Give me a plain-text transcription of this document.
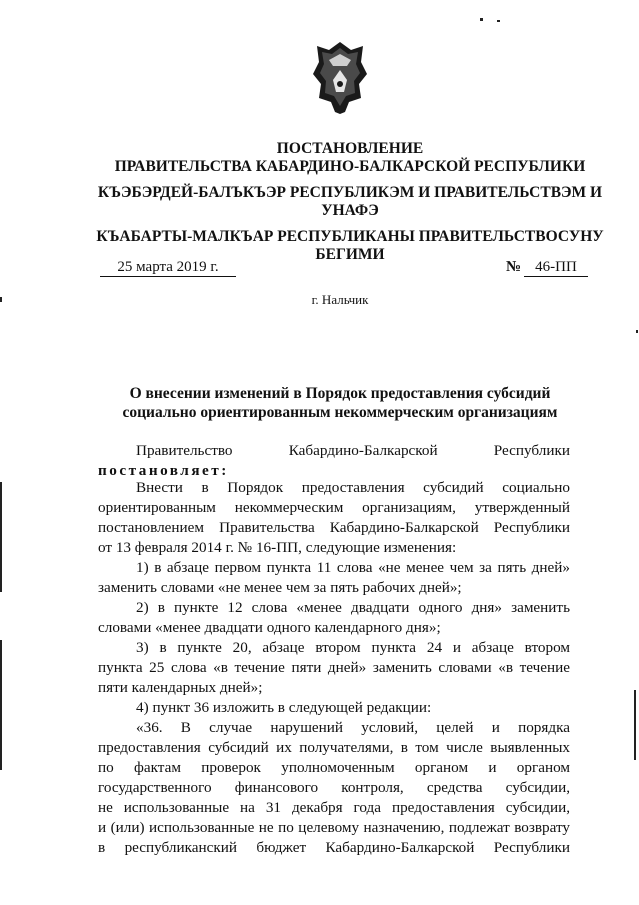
ПОСТАНОВЛЕНИЕ
ПРАВИТЕЛЬСТВА КАБАРДИНО-БАЛКАРСКОЙ РЕСПУБЛИКИ
КЪЭБЭРДЕЙ-БАЛЪКЪЭР РЕСПУБЛИКЭМ И ПРАВИТЕЛЬСТВЭМ И
УНАФЭ
КЪАБАРТЫ-МАЛКЪАР РЕСПУБЛИКАНЫ ПРАВИТЕЛЬСТВОСУНУ
БЕГИМИ
25 марта 2019 г.	№ 46-ПП
г. Нальчик
О внесении изменений в Порядок предоставления субсидий
социально ориентированным некоммерческим организациям
Правительство Кабардино-Балкарской Республики
постановляет:
Внести в Порядок предоставления субсидий социально
ориентированным некоммерческим организациям, утвержденный
постановлением Правительства Кабардино-Балкарской Республики
от 13 февраля 2014 г. № 16-ПП, следующие изменения:
1) в абзаце первом пункта 11 слова «не менее чем за пять дней»
заменить словами «не менее чем за пять рабочих дней»;
2) в пункте 12 слова «менее двадцати одного дня» заменить
словами «менее двадцати одного календарного дня»;
3) в пункте 20, абзаце втором пункта 24 и абзаце втором
пункта 25 слова «в течение пяти дней» заменить словами «в течение
пяти календарных дней»;
4) пункт 36 изложить в следующей редакции:
«36. В случае нарушений условий, целей и порядка
предоставления субсидий их получателями, в том числе выявленных
по фактам проверок уполномоченным органом и органом
государственного финансового контроля, средства субсидии,
не использованные на 31 декабря года предоставления субсидии,
и (или) использованные не по целевому назначению, подлежат возврату
в республиканский бюджет Кабардино-Балкарской Республики
